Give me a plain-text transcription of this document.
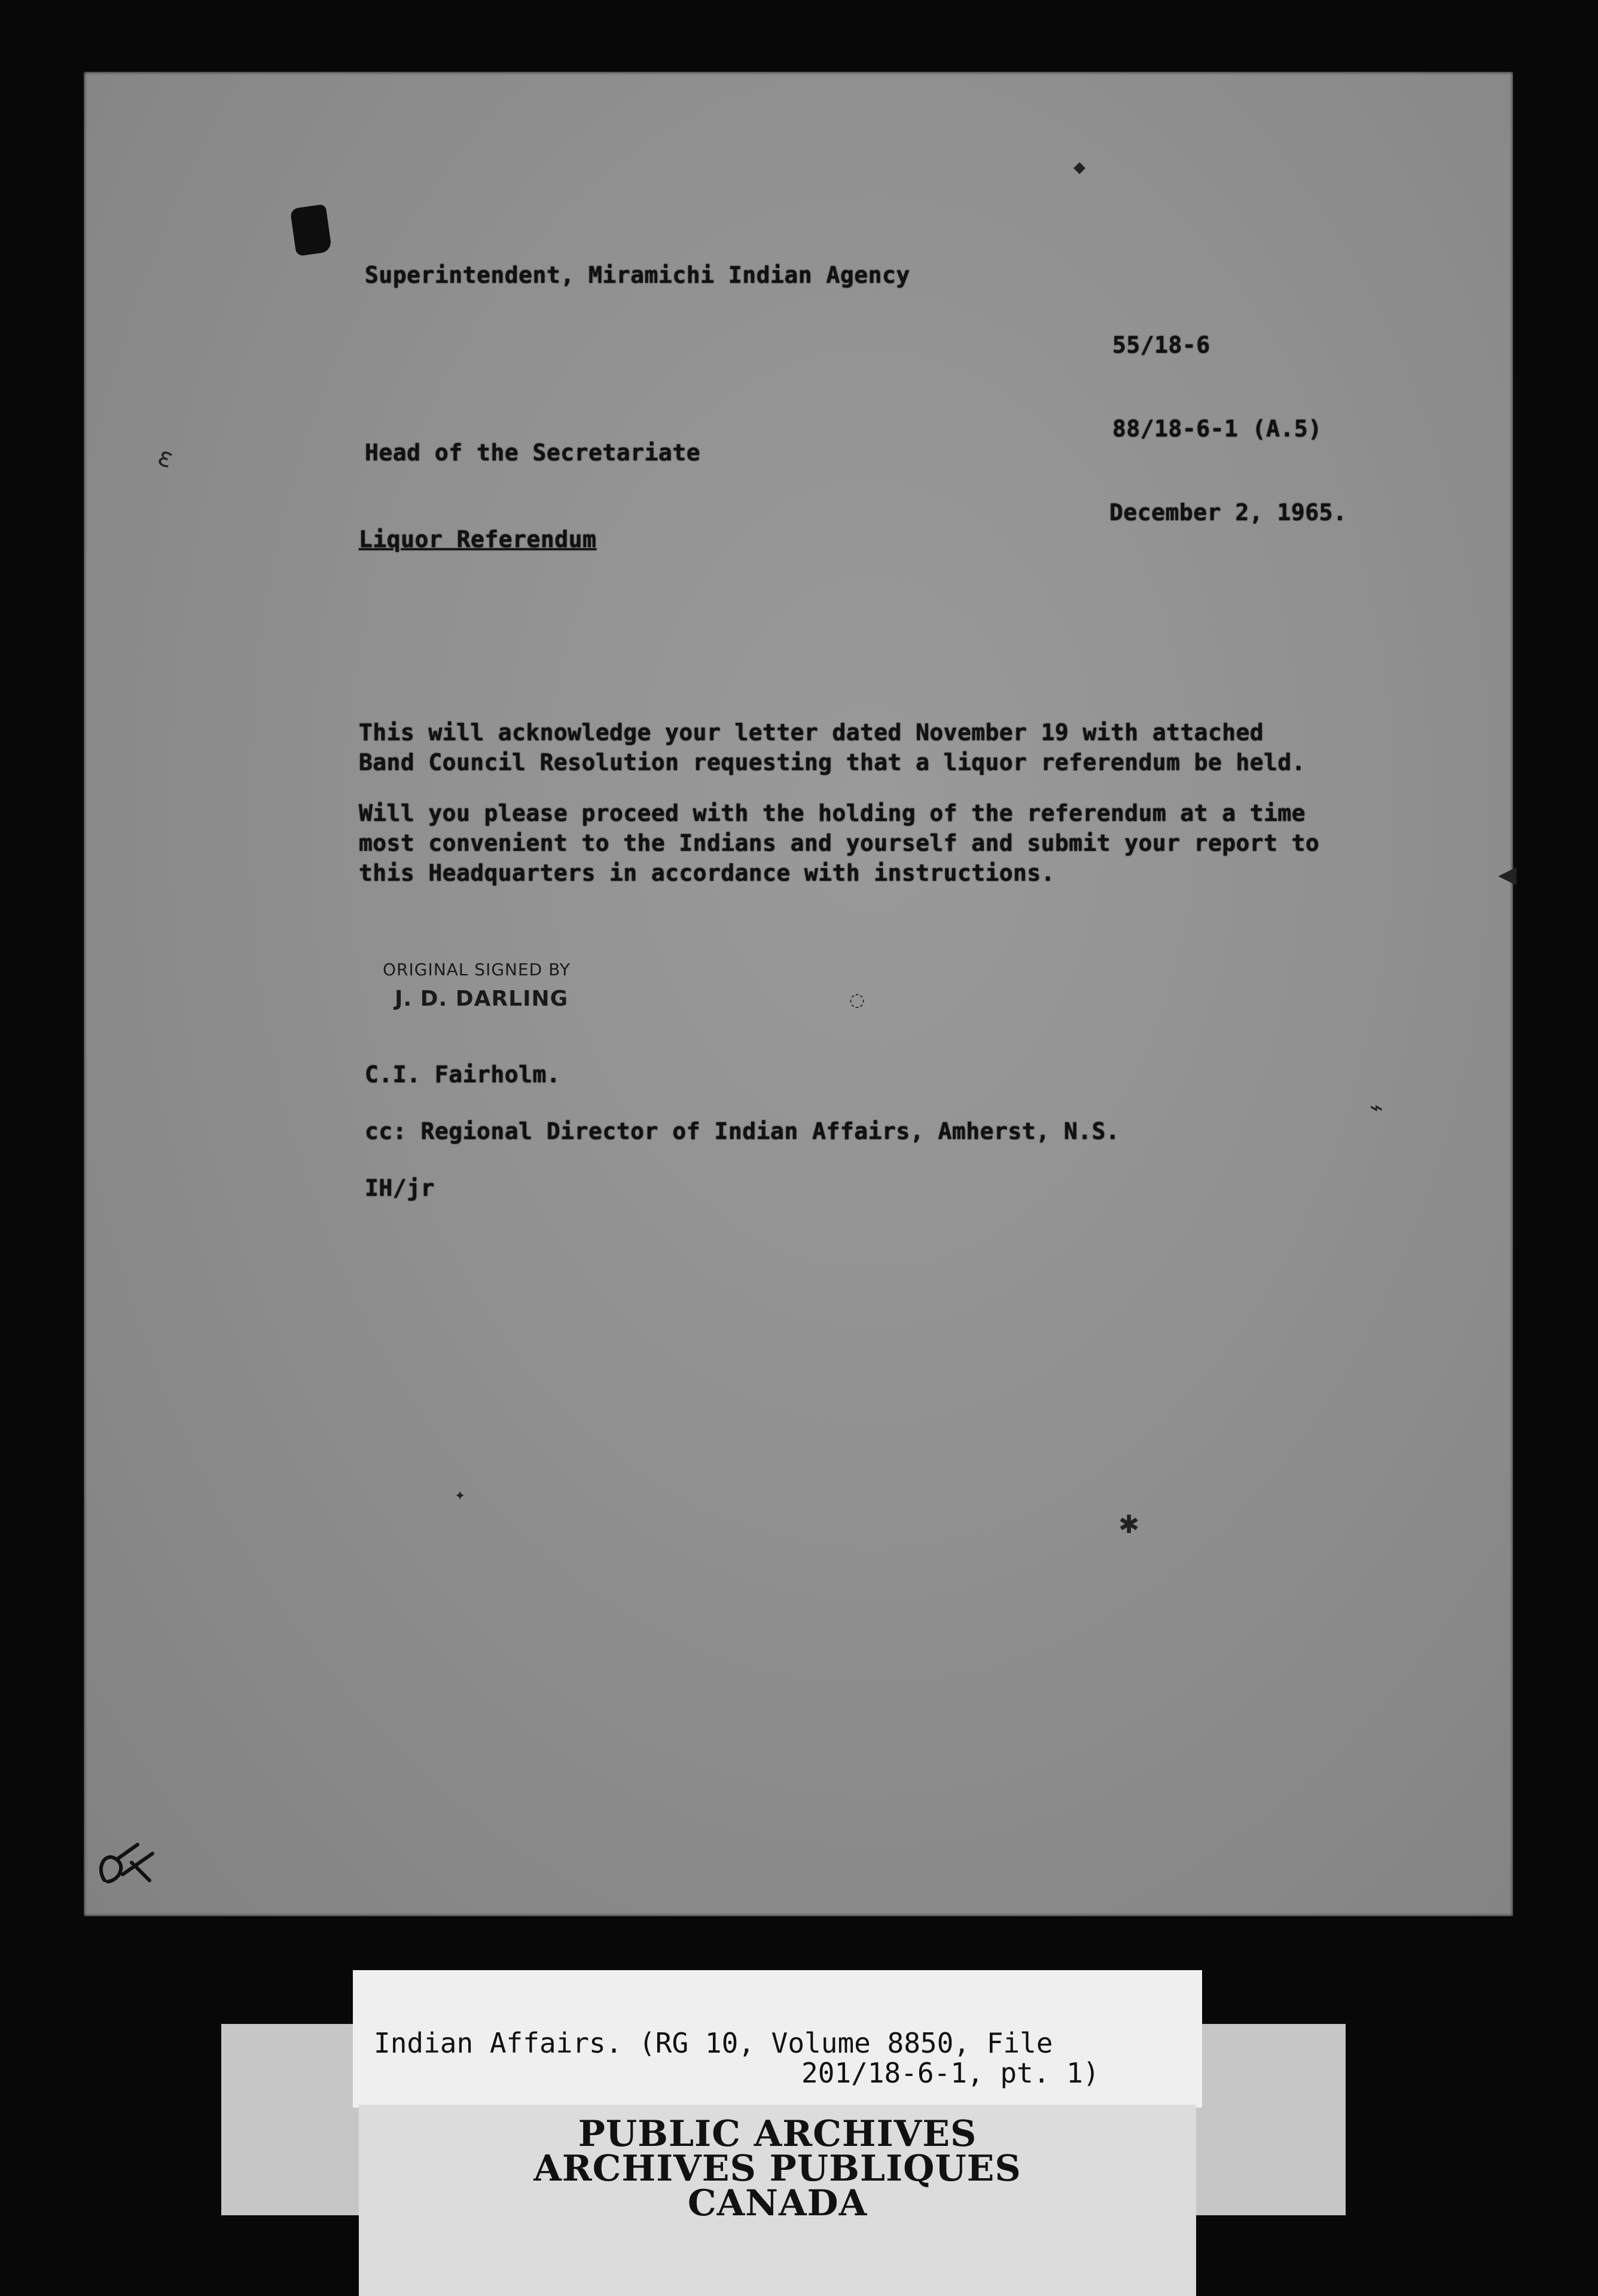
ɛ
◆
◌
⌁
✱
✦
◀
Superintendent, Miramichi Indian Agency
55/18-6
88/18-6-1 (A.5)
Head of the Secretariate
December 2, 1965.
Liquor Referendum
This will acknowledge your letter dated November 19 with attached
Band Council Resolution requesting that a liquor referendum be held.
Will you please proceed with the holding of the referendum at a time
most convenient to the Indians and yourself and submit your report to
this Headquarters in accordance with instructions.
ORIGINAL SIGNED BY
J. D. DARLING
C.I. Fairholm.
cc: Regional Director of Indian Affairs, Amherst, N.S.
IH/jr
Indian Affairs. (RG 10, Volume 8850, File
201/18-6-1, pt. 1)
PUBLIC ARCHIVES
ARCHIVES PUBLIQUES
CANADA
